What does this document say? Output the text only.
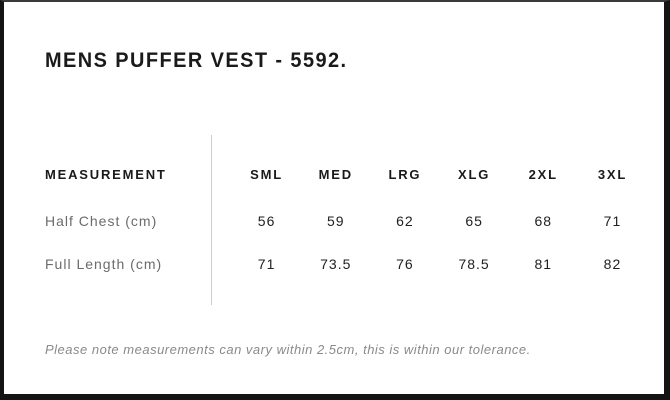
MENS PUFFER VEST - 5592.
MEASUREMENT	SML	MED	LRG	XLG	2XL	3XL
Half Chest (cm)	56	59	62	65	68	71
Full Length (cm)	71	73.5	76	78.5	81	82

Please note measurements can vary within 2.5cm, this is within our tolerance.
